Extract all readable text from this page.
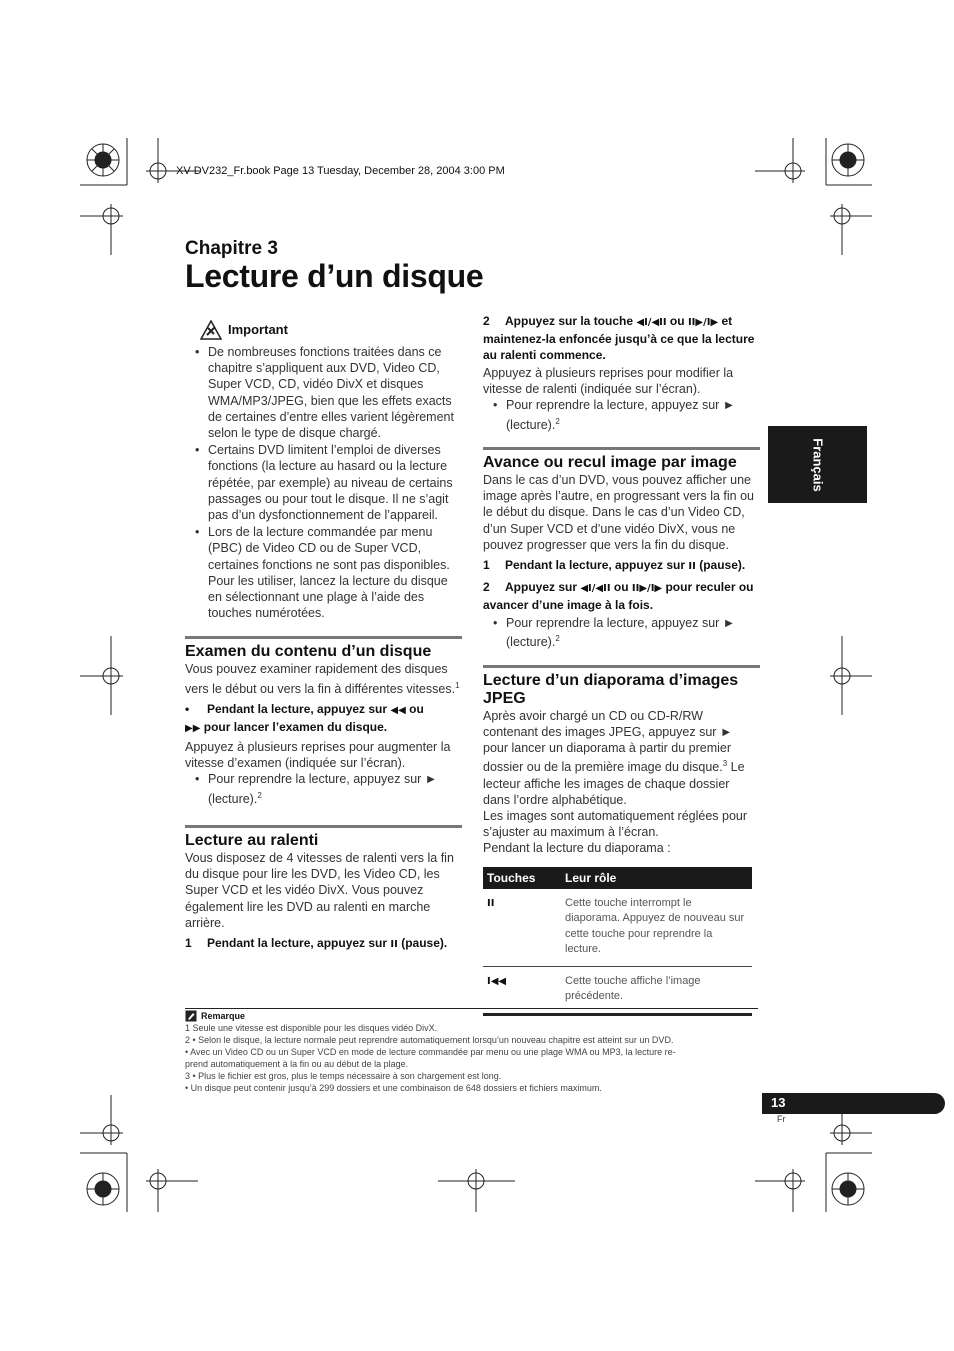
XV-DV232_Fr.book Page 13 Tuesday, December 28, 2004 3:00 PM
Chapitre 3
Lecture d’un disque
Français
Important
• De nombreuses fonctions traitées dans ce chapitre s’appliquent aux DVD, Video CD, Super VCD, CD, vidéo DivX et disques WMA/MP3/JPEG, bien que les effets exacts de certaines d’entre elles varient légèrement selon le type de disque chargé.
• Certains DVD limitent l’emploi de diverses fonctions (la lecture au hasard ou la lecture répétée, par exemple) au niveau de certains passages ou pour tout le disque. Il ne s’agit pas d’un dysfonctionnement de l’appareil.
• Lors de la lecture commandée par menu (PBC) de Video CD ou de Super VCD, certaines fonctions ne sont pas disponibles. Pour les utiliser, lancez la lecture du disque en sélectionnant une plage à l’aide des touches numérotées.
Examen du contenu d’un disque

Vous pouvez examiner rapidement des disques vers le début ou vers la fin à différentes vitesses.$^1$

• Pendant la lecture, appuyez sur ◀◀ ou
▶▶ pour lancer l’examen du disque.

Appuyez à plusieurs reprises pour augmenter la vitesse d’examen (indiquée sur l’écran).

• Pour reprendre la lecture, appuyez sur ► (lecture).$^2$
Lecture au ralenti

Vous disposez de 4 vitesses de ralenti vers la fin du disque pour lire les DVD, les Video CD, les Super VCD et les vidéo DivX. Vous pouvez également lire les DVD au ralenti en marche arrière.

1 Pendant la lecture, appuyez sur II (pause).
2 Appuyez sur la touche ◀I/◀II ou II▶/I▶ et maintenez-la enfoncée jusqu’à ce que la lecture au ralenti commence.

Appuyez à plusieurs reprises pour modifier la vitesse de ralenti (indiquée sur l’écran).

• Pour reprendre la lecture, appuyez sur ► (lecture).$^2$
Avance ou recul image par image

Dans le cas d’un DVD, vous pouvez afficher une image après l’autre, en progressant vers la fin ou le début du disque. Dans le cas d’un Video CD, d’un Super VCD et d’une vidéo DivX, vous ne pouvez progresser que vers la fin du disque.

1 Pendant la lecture, appuyez sur II (pause).
2 Appuyez sur ◀I/◀II ou II▶/I▶ pour reculer ou avancer d’une image à la fois.
• Pour reprendre la lecture, appuyez sur ► (lecture).$^2$
Lecture d’un diaporama d’images JPEG

Après avoir chargé un CD ou CD-R/RW contenant des images JPEG, appuyez sur ► pour lancer un diaporama à partir du premier dossier ou de la première image du disque.$^3$ Le lecteur affiche les images de chaque dossier dans l’ordre alphabétique.

Les images sont automatiquement réglées pour s’ajuster au maximum à l’écran.

Pendant la lecture du diaporama :

Touches	Leur rôle
II	Cette touche interrompt le diaporama. Appuyez de nouveau sur cette touche pour reprendre la lecture.
I◀◀	Cette touche affiche l’image précédente.
Remarque
1 Seule une vitesse est disponible pour les disques vidéo DivX.
2 • Selon le disque, la lecture normale peut reprendre automatiquement lorsqu’un nouveau chapitre est atteint sur un DVD.
• Avec un Video CD ou un Super VCD en mode de lecture commandée par menu ou une plage WMA ou MP3, la lecture re-
prend automatiquement à la fin ou au début de la plage.
3 • Plus le fichier est gros, plus le temps nécessaire à son chargement est long.
• Un disque peut contenir jusqu’à 299 dossiers et une combinaison de 648 dossiers et fichiers maximum.
13
Fr
